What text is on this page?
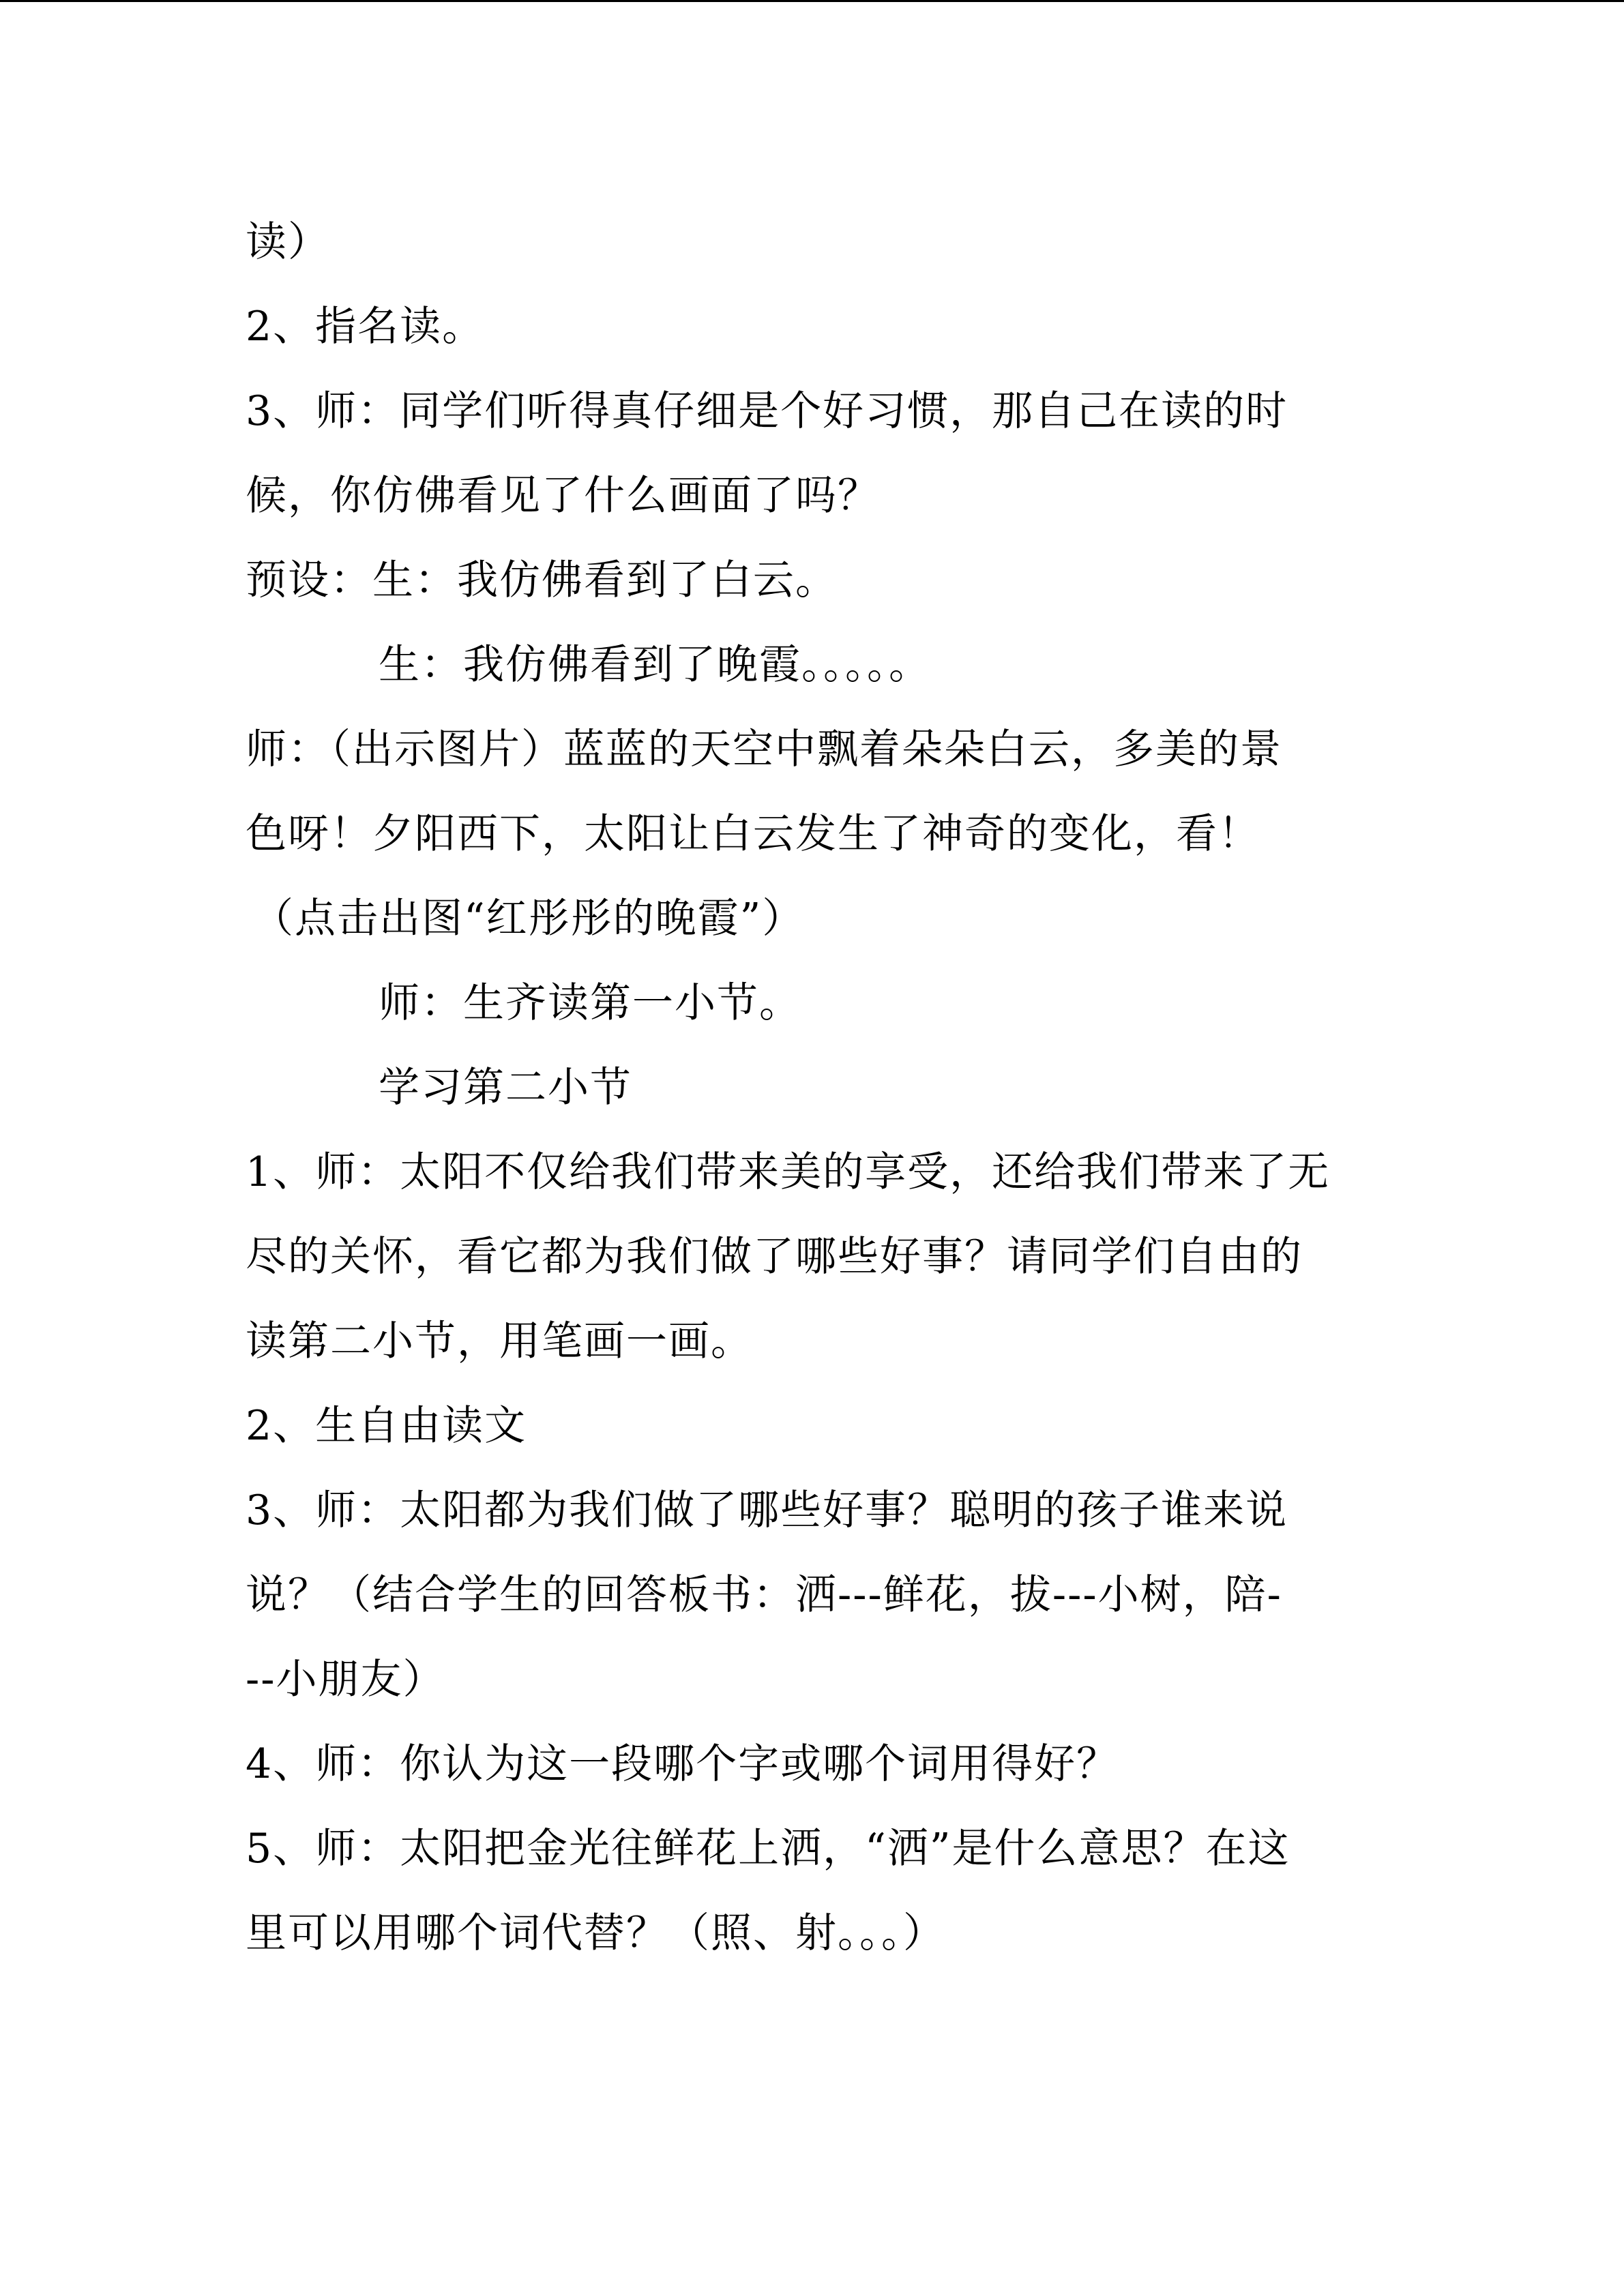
读）
2、指名读。
3、师：同学们听得真仔细是个好习惯，那自己在读的时
候，你仿佛看见了什么画面了吗？
预设：生：我仿佛看到了白云。
生：我仿佛看到了晚霞。。。。。
师：（出示图片）蓝蓝的天空中飘着朵朵白云，多美的景
色呀！夕阳西下，太阳让白云发生了神奇的变化，看！
（点击出图“红彤彤的晚霞”）
师：生齐读第一小节。
学习第二小节
1、师：太阳不仅给我们带来美的享受，还给我们带来了无
尽的关怀，看它都为我们做了哪些好事？请同学们自由的
读第二小节，用笔画一画。
2、生自由读文
3、师：太阳都为我们做了哪些好事？聪明的孩子谁来说
说？（结合学生的回答板书：洒---鲜花，拔---小树，陪-
--小朋友）
4、师：你认为这一段哪个字或哪个词用得好？
5、师：太阳把金光往鲜花上洒，“洒”是什么意思？在这
里可以用哪个词代替？（照、射。。。）
